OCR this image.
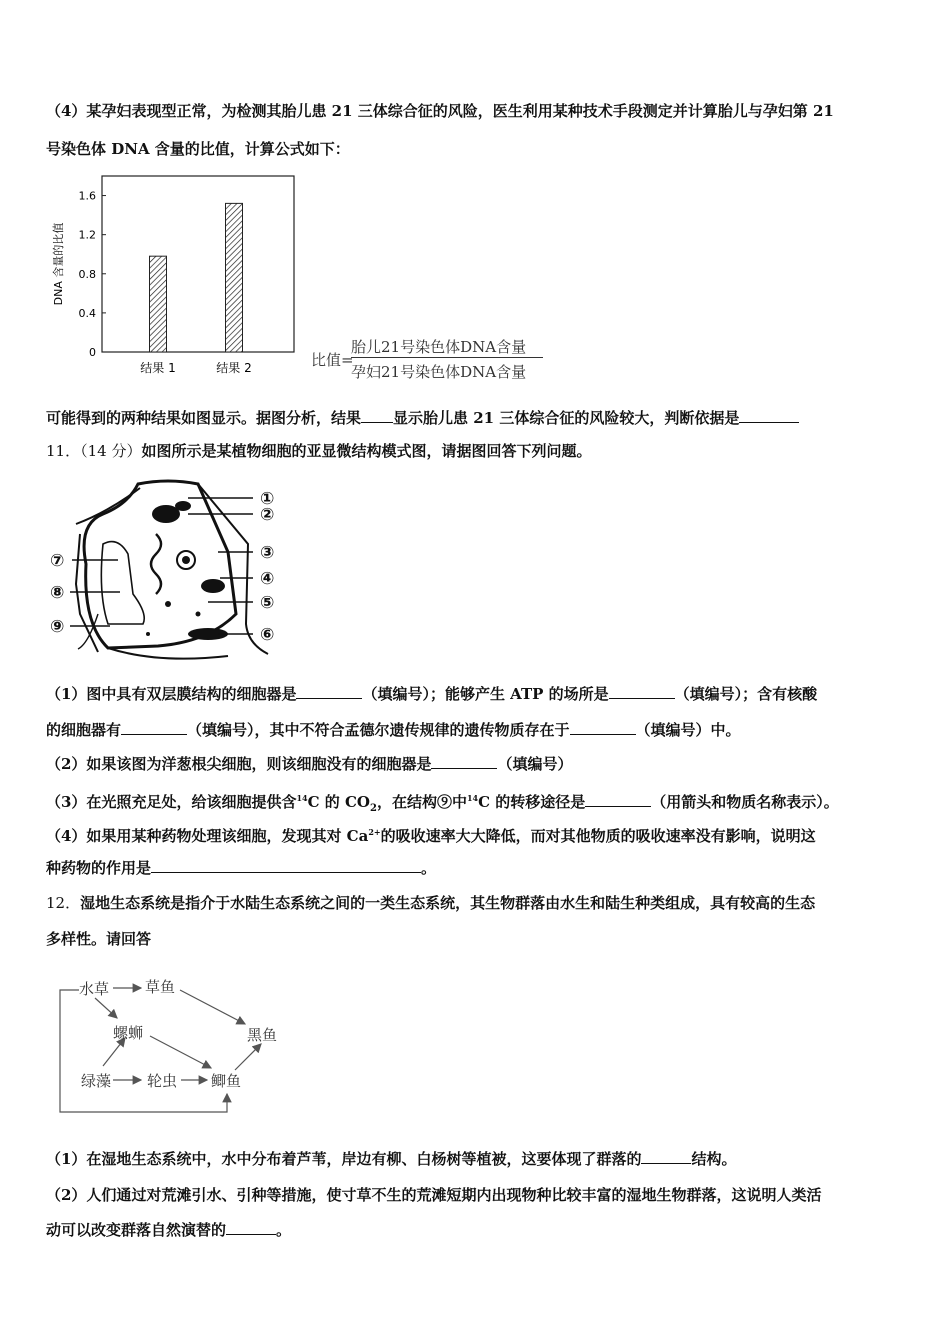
（4）某孕妇表现型正常，为检测其胎儿患 21 三体综合征的风险，医生利用某种技术手段测定并计算胎儿与孕妇第 21
号染色体 DNA 含量的比值，计算公式如下：
0
0.4
0.8
1.2
1.6
结果 1	结果 2
DNA 含量的比值
比值=
胎儿21号染色体DNA含量
孕妇21号染色体DNA含量
可能得到的两种结果如图显示。据图分析，结果 显示胎儿患 21 三体综合征的风险较大，判断依据是
11．（14 分）如图所示是某植物细胞的亚显微结构模式图，请据图回答下列问题。
①
②
③
④
⑤
⑥
⑦
⑧
⑨
（1）图中具有双层膜结构的细胞器是	（填编号）；能够产生 ATP 的场所是	（填编号）；含有核酸
的细胞器有	（填编号），其中不符合孟德尔遗传规律的遗传物质存在于	（填编号）中。
（2）如果该图为洋葱根尖细胞，则该细胞没有的细胞器是	（填编号）
（3）在光照充足处，给该细胞提供含$^{14}$C 的 $CO_2$，在结构⑨中$^{14}$C 的转移途径是	（用箭头和物质名称表示）。
（4）如果用某种药物处理该细胞，发现其对 $Ca^{2+}$的吸收速率大大降低，而对其他物质的吸收速率没有影响，说明这
种药物的作用是	。
12．湿地生态系统是指介于水陆生态系统之间的一类生态系统，其生物群落由水生和陆生种类组成，具有较高的生态
多样性。请回答
水草 草鱼
螺蛳	黑鱼
绿藻 轮虫 鲫鱼
（1）在湿地生态系统中，水中分布着芦苇，岸边有柳、白杨树等植被，这要体现了群落的	结构。
（2）人们通过对荒滩引水、引种等措施，使寸草不生的荒滩短期内出现物种比较丰富的湿地生物群落，这说明人类活
动可以改变群落自然演替的	。
